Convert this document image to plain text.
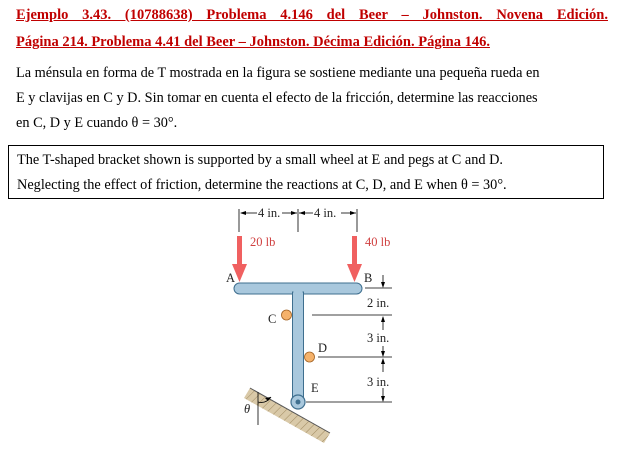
Ejemplo 3.43. (10788638) Problema 4.146 del Beer – Johnston. Novena Edición.
Página 214. Problema 4.41 del Beer – Johnston. Décima Edición. Página 146.
La ménsula en forma de T mostrada en la figura se sostiene mediante una pequeña rueda en
E y clavijas en C y D. Sin tomar en cuenta el efecto de la fricción, determine las reacciones
en C, D y E cuando θ = 30°.
The T-shaped bracket shown is supported by a small wheel at E and pegs at C and D.
Neglecting the effect of friction, determine the reactions at C, D, and E when θ = 30°.
4 in.	4 in.
20 lb	40 lb
A	B
C
D
E
θ
2 in.
3 in.
3 in.
